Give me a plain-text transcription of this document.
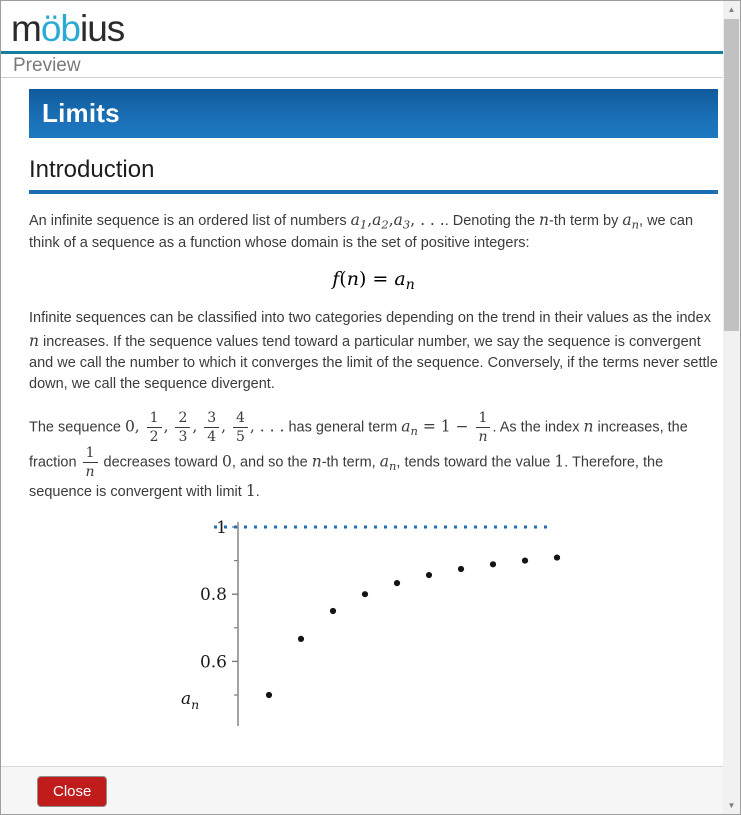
möbius
Preview
Limits
Introduction

An infinite sequence is an ordered list of numbers $a_1,a_2,a_3$, . . .. Denoting the n-th term by $a_n$, we can think of a sequence as a function whose domain is the set of positive integers:

f(n) = an

Infinite sequences can be classified into two categories depending on the trend in their values as the index n increases. If the sequence values tend toward a particular number, we say the sequence is convergent and we call the number to which it converges the limit of the sequence. Conversely, if the terms never settle down, we call the sequence divergent.

The sequence 0, $\frac{1}{2}$ , $\frac{2}{3}$ , $\frac{3}{4}$ , $\frac{4}{5}$ , . . . has general term $a_n = 1 - \frac{1}{n}$ . As the index n increases, the fraction $\frac{1}{n}$ decreases toward 0, and so the n-th term, $a_n$, tends toward the value 1. Therefore, the sequence is convergent with limit 1.

1
0.8
0.6
$a_n$
Close
▲
▼
